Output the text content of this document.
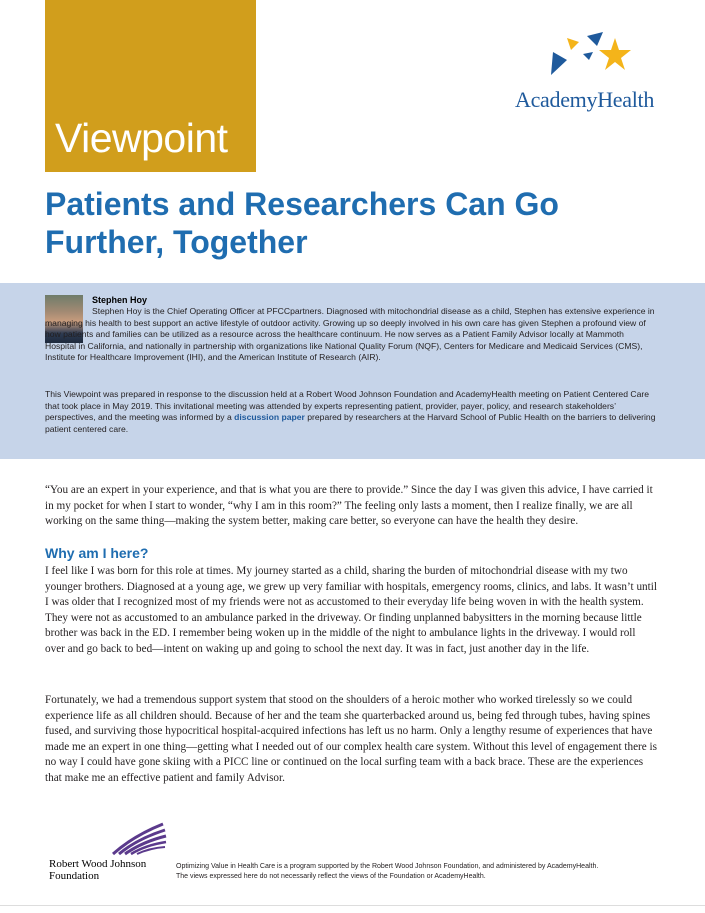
Viewpoint
AcademyHealth
Patients and Researchers Can Go Further, Together
Stephen Hoy

Stephen Hoy is the Chief Operating Officer at PFCCpartners. Diagnosed with mitochondrial disease as a child, Stephen has extensive experience in managing his health to best support an active lifestyle of outdoor activity. Growing up so deeply involved in his own care has given Stephen a profound view of how patients and families can be utilized as a resource across the healthcare continuum. He now serves as a Patient Family Advisor locally at Mammoth Hospital in California, and nationally in partnership with organizations like National Quality Forum (NQF), Centers for Medicare and Medicaid Services (CMS), Institute for Healthcare Improvement (IHI), and the American Institute of Research (AIR).

This Viewpoint was prepared in response to the discussion held at a Robert Wood Johnson Foundation and AcademyHealth meeting on Patient Centered Care that took place in May 2019. This invitational meeting was attended by experts representing patient, provider, payer, policy, and research stakeholders’ perspectives, and the meeting was informed by a discussion paper prepared by researchers at the Harvard School of Public Health on the barriers to delivering patient centered care.

“You are an expert in your experience, and that is what you are there to provide.” Since the day I was given this advice, I have carried it in my pocket for when I start to wonder, “why I am in this room?” The feeling only lasts a moment, then I realize finally, we are all working on the same thing—making the system better, making care better, so everyone can have the health they desire.

Why am I here?

I feel like I was born for this role at times. My journey started as a child, sharing the burden of mitochondrial disease with my two younger brothers. Diagnosed at a young age, we grew up very familiar with hospitals, emergency rooms, clinics, and labs. It wasn’t until I was older that I recognized most of my friends were not as accustomed to their everyday life being woven in with the health system. They were not as accustomed to an ambulance parked in the driveway. Or finding unplanned babysitters in the morning because little brother was back in the ED. I remember being woken up in the middle of the night to ambulance lights in the driveway. I would roll over and go back to bed—intent on waking up and going to school the next day. It was in fact, just another day in the life.

Fortunately, we had a tremendous support system that stood on the shoulders of a heroic mother who worked tirelessly so we could experience life as all children should. Because of her and the team she quarterbacked around us, being fed through tubes, having spines fused, and surviving those hypocritical hospital-acquired infections has left us no harm. Only a lengthy resume of experiences that have made me an expert in one thing—getting what I needed out of our complex health care system. Without this level of engagement there is no way I could have gone skiing with a PICC line or continued on the local surfing team with a back brace. These are the experiences that make me an effective patient and family Advisor.

Robert Wood Johnson
Foundation
Optimizing Value in Health Care is a program supported by the Robert Wood Johnson Foundation, and administered by AcademyHealth.
The views expressed here do not necessarily reflect the views of the Foundation or AcademyHealth.
